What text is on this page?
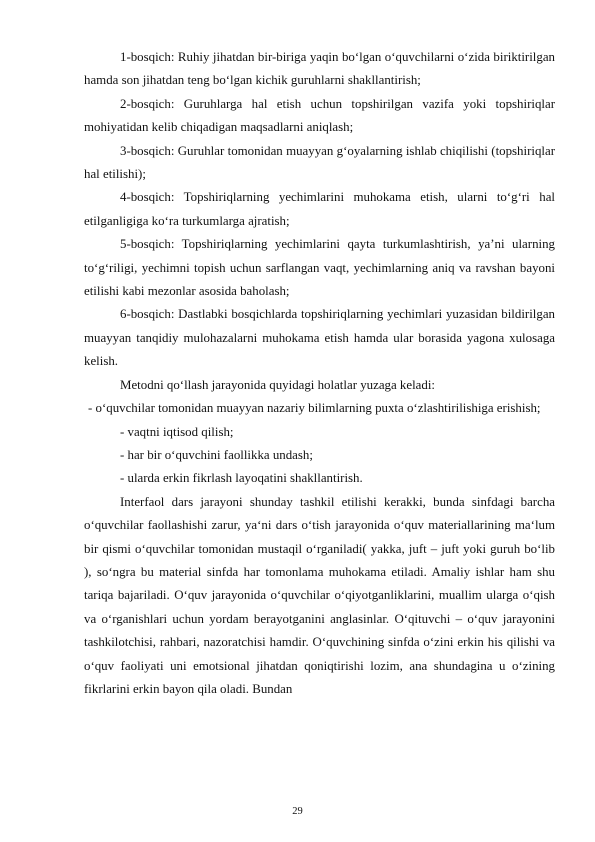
1-bosqich: Ruhiy jihatdan bir-biriga yaqin bo‘lgan o‘quvchilarni o‘zida biriktirilgan hamda son jihatdan teng bo‘lgan kichik guruhlarni shakllantirish;

2-bosqich: Guruhlarga hal etish uchun topshirilgan vazifa yoki topshiriqlar mohiyatidan kelib chiqadigan maqsadlarni aniqlash;

3-bosqich: Guruhlar tomonidan muayyan g‘oyalarning ishlab chiqilishi (topshiriqlar hal etilishi);

4-bosqich: Topshiriqlarning yechimlarini muhokama etish, ularni to‘g‘ri hal etilganligiga ko‘ra turkumlarga ajratish;

5-bosqich: Topshiriqlarning yechimlarini qayta turkumlashtirish, ya’ni ularning to‘g‘riligi, yechimni topish uchun sarflangan vaqt, yechimlarning aniq va ravshan bayoni etilishi kabi mezonlar asosida baholash;

6-bosqich: Dastlabki bosqichlarda topshiriqlarning yechimlari yuzasidan bildirilgan muayyan tanqidiy mulohazalarni muhokama etish hamda ular borasida yagona xulosaga kelish.

Metodni qo‘llash jarayonida quyidagi holatlar yuzaga keladi:

- o‘quvchilar tomonidan muayyan nazariy bilimlarning puxta o‘zlashtirilishiga erishish;

- vaqtni iqtisod qilish;

- har bir o‘quvchini faollikka undash;

- ularda erkin fikrlash layoqatini shakllantirish.

Interfaol dars jarayoni shunday tashkil etilishi kerakki, bunda sinfdagi barcha o‘quvchilar faollashishi zarur, ya‘ni dars o‘tish jarayonida o‘quv materiallarining ma‘lum bir qismi o‘quvchilar tomonidan mustaqil o‘rganiladi( yakka, juft – juft yoki guruh bo‘lib ), so‘ngra bu material sinfda har tomonlama muhokama etiladi. Amaliy ishlar ham shu tariqa bajariladi. O‘quv jarayonida o‘quvchilar o‘qiyotganliklarini, muallim ularga o‘qish va o‘rganishlari uchun yordam berayotganini anglasinlar. O‘qituvchi – o‘quv jarayonini tashkilotchisi, rahbari, nazoratchisi hamdir. O‘quvchining sinfda o‘zini erkin his qilishi va o‘quv faoliyati uni emotsional jihatdan qoniqtirishi lozim, ana shundagina u o‘zining fikrlarini erkin bayon qila oladi. Bundan

29
